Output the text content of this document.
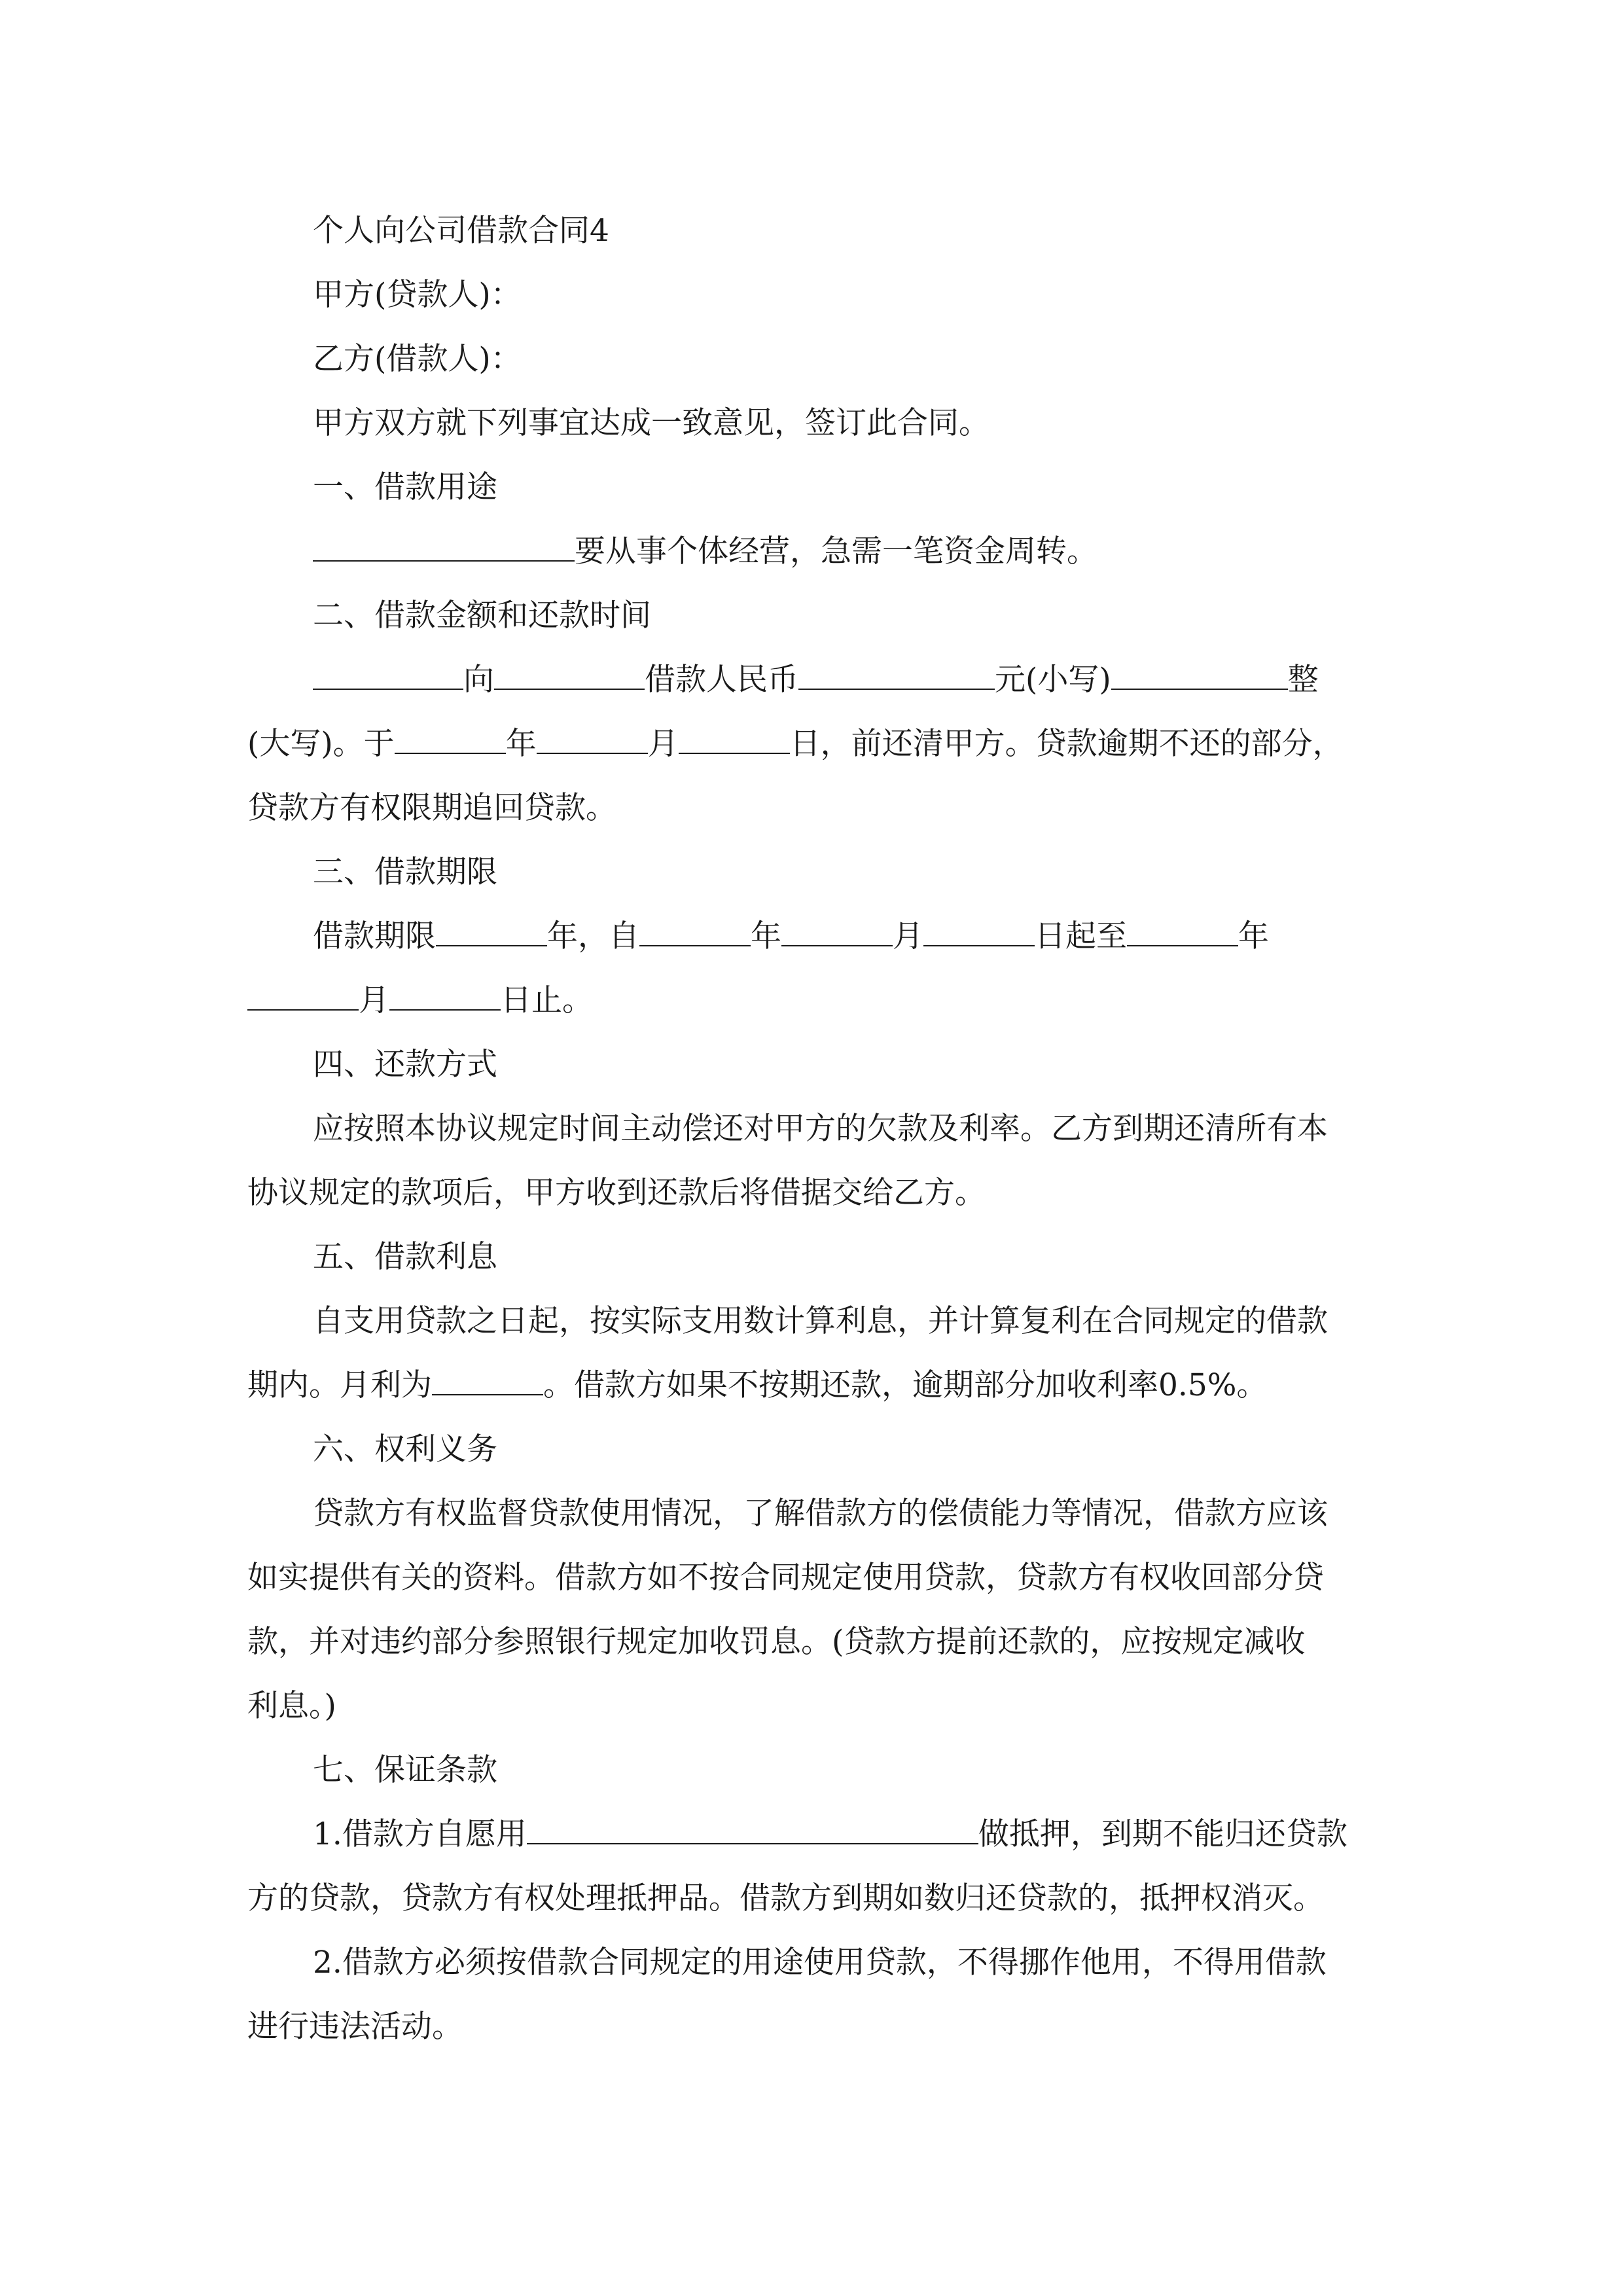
个人向公司借款合同4
甲方(贷款人)：
乙方(借款人)：
甲方双方就下列事宜达成一致意见，签订此合同。
一、借款用途
要从事个体经营，急需一笔资金周转。
二、借款金额和还款时间
向	借款人民币	元(小写)	整
(大写)。于	年	月	日，前还清甲方。贷款逾期不还的部分，
贷款方有权限期追回贷款。
三、借款期限
借款期限	年，自	年	月	日起至	年
月	日止。
四、还款方式
应按照本协议规定时间主动偿还对甲方的欠款及利率。乙方到期还清所有本
协议规定的款项后，甲方收到还款后将借据交给乙方。
五、借款利息
自支用贷款之日起，按实际支用数计算利息，并计算复利在合同规定的借款
期内。月利为	。借款方如果不按期还款，逾期部分加收利率0.5%。
六、权利义务
贷款方有权监督贷款使用情况，了解借款方的偿债能力等情况，借款方应该
如实提供有关的资料。借款方如不按合同规定使用贷款，贷款方有权收回部分贷
款，并对违约部分参照银行规定加收罚息。(贷款方提前还款的，应按规定减收
利息。)
七、保证条款
1.借款方自愿用	做抵押，到期不能归还贷款
方的贷款，贷款方有权处理抵押品。借款方到期如数归还贷款的，抵押权消灭。
2.借款方必须按借款合同规定的用途使用贷款，不得挪作他用，不得用借款
进行违法活动。
